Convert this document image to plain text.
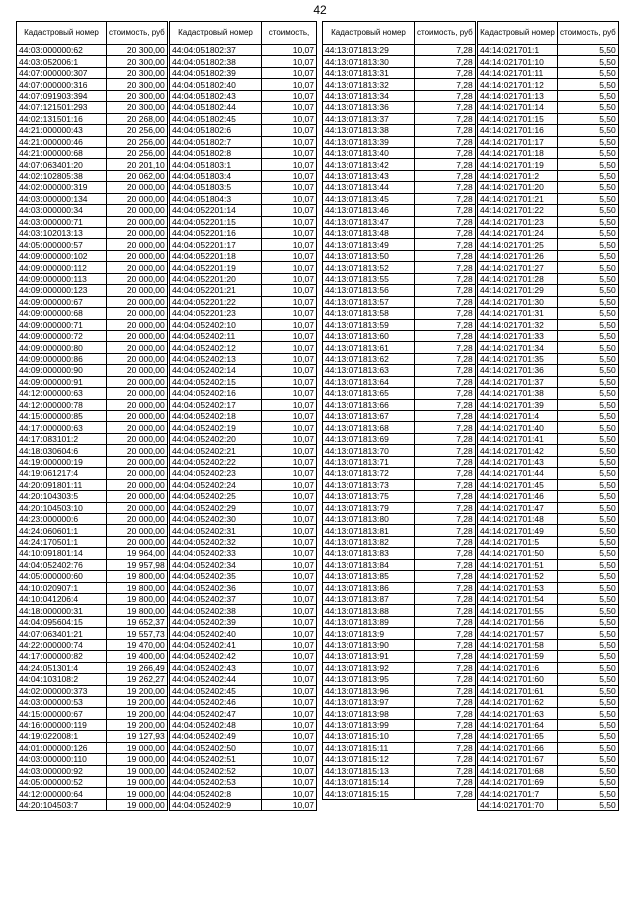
42
Кадастровый номер	стоимость, руб
44:03:000000:62	20 300,00
44:03:052006:1	20 300,00
44:07:000000:307	20 300,00
44:07:000000:316	20 300,00
44:07:091903:394	20 300,00
44:07:121501:293	20 300,00
44:02:131501:16	20 268,00
44:21:000000:43	20 256,00
44:21:000000:46	20 256,00
44:21:000000:68	20 256,00
44:07:063401:20	20 201,10
44:02:102805:38	20 062,00
44:02:000000:319	20 000,00
44:03:000000:134	20 000,00
44:03:000000:34	20 000,00
44:03:000000:71	20 000,00
44:03:102013:13	20 000,00
44:05:000000:57	20 000,00
44:09:000000:102	20 000,00
44:09:000000:112	20 000,00
44:09:000000:113	20 000,00
44:09:000000:123	20 000,00
44:09:000000:67	20 000,00
44:09:000000:68	20 000,00
44:09:000000:71	20 000,00
44:09:000000:72	20 000,00
44:09:000000:80	20 000,00
44:09:000000:86	20 000,00
44:09:000000:90	20 000,00
44:09:000000:91	20 000,00
44:12:000000:63	20 000,00
44:12:000000:78	20 000,00
44:15:000000:85	20 000,00
44:17:000000:63	20 000,00
44:17:083101:2	20 000,00
44:18:030604:6	20 000,00
44:19:000000:19	20 000,00
44:19:061217:4	20 000,00
44:20:091801:11	20 000,00
44:20:104303:5	20 000,00
44:20:104503:10	20 000,00
44:23:000000:6	20 000,00
44:24:060601:1	20 000,00
44:24:170501:1	20 000,00
44:10:091801:14	19 964,00
44:04:052402:76	19 957,98
44:05:000000:60	19 800,00
44:10:020907:1	19 800,00
44:10:041206:4	19 800,00
44:18:000000:31	19 800,00
44:04:095604:15	19 652,37
44:07:063401:21	19 557,73
44:22:000000:74	19 470,00
44:17:000000:82	19 400,00
44:24:051301:4	19 266,49
44:04:103108:2	19 262,27
44:02:000000:373	19 200,00
44:03:000000:53	19 200,00
44:15:000000:67	19 200,00
44:16:000000:119	19 200,00
44:19:022008:1	19 127,93
44:01:000000:126	19 000,00
44:03:000000:110	19 000,00
44:03:000000:92	19 000,00
44:05:000000:52	19 000,00
44:12:000000:64	19 000,00
44:20:104503:7	19 000,00
Кадастровый номер	стоимость,
44:04:051802:37	10,07
44:04:051802:38	10,07
44:04:051802:39	10,07
44:04:051802:40	10,07
44:04:051802:43	10,07
44:04:051802:44	10,07
44:04:051802:45	10,07
44:04:051802:6	10,07
44:04:051802:7	10,07
44:04:051802:8	10,07
44:04:051803:1	10,07
44:04:051803:4	10,07
44:04:051803:5	10,07
44:04:051804:3	10,07
44:04:052201:14	10,07
44:04:052201:15	10,07
44:04:052201:16	10,07
44:04:052201:17	10,07
44:04:052201:18	10,07
44:04:052201:19	10,07
44:04:052201:20	10,07
44:04:052201:21	10,07
44:04:052201:22	10,07
44:04:052201:23	10,07
44:04:052402:10	10,07
44:04:052402:11	10,07
44:04:052402:12	10,07
44:04:052402:13	10,07
44:04:052402:14	10,07
44:04:052402:15	10,07
44:04:052402:16	10,07
44:04:052402:17	10,07
44:04:052402:18	10,07
44:04:052402:19	10,07
44:04:052402:20	10,07
44:04:052402:21	10,07
44:04:052402:22	10,07
44:04:052402:23	10,07
44:04:052402:24	10,07
44:04:052402:25	10,07
44:04:052402:29	10,07
44:04:052402:30	10,07
44:04:052402:31	10,07
44:04:052402:32	10,07
44:04:052402:33	10,07
44:04:052402:34	10,07
44:04:052402:35	10,07
44:04:052402:36	10,07
44:04:052402:37	10,07
44:04:052402:38	10,07
44:04:052402:39	10,07
44:04:052402:40	10,07
44:04:052402:41	10,07
44:04:052402:42	10,07
44:04:052402:43	10,07
44:04:052402:44	10,07
44:04:052402:45	10,07
44:04:052402:46	10,07
44:04:052402:47	10,07
44:04:052402:48	10,07
44:04:052402:49	10,07
44:04:052402:50	10,07
44:04:052402:51	10,07
44:04:052402:52	10,07
44:04:052402:53	10,07
44:04:052402:8	10,07
44:04:052402:9	10,07
Кадастровый номер	стоимость, руб
44:13:071813:29	7,28
44:13:071813:30	7,28
44:13:071813:31	7,28
44:13:071813:32	7,28
44:13:071813:34	7,28
44:13:071813:36	7,28
44:13:071813:37	7,28
44:13:071813:38	7,28
44:13:071813:39	7,28
44:13:071813:40	7,28
44:13:071813:42	7,28
44:13:071813:43	7,28
44:13:071813:44	7,28
44:13:071813:45	7,28
44:13:071813:46	7,28
44:13:071813:47	7,28
44:13:071813:48	7,28
44:13:071813:49	7,28
44:13:071813:50	7,28
44:13:071813:52	7,28
44:13:071813:55	7,28
44:13:071813:56	7,28
44:13:071813:57	7,28
44:13:071813:58	7,28
44:13:071813:59	7,28
44:13:071813:60	7,28
44:13:071813:61	7,28
44:13:071813:62	7,28
44:13:071813:63	7,28
44:13:071813:64	7,28
44:13:071813:65	7,28
44:13:071813:66	7,28
44:13:071813:67	7,28
44:13:071813:68	7,28
44:13:071813:69	7,28
44:13:071813:70	7,28
44:13:071813:71	7,28
44:13:071813:72	7,28
44:13:071813:73	7,28
44:13:071813:75	7,28
44:13:071813:79	7,28
44:13:071813:80	7,28
44:13:071813:81	7,28
44:13:071813:82	7,28
44:13:071813:83	7,28
44:13:071813:84	7,28
44:13:071813:85	7,28
44:13:071813:86	7,28
44:13:071813:87	7,28
44:13:071813:88	7,28
44:13:071813:89	7,28
44:13:071813:9	7,28
44:13:071813:90	7,28
44:13:071813:91	7,28
44:13:071813:92	7,28
44:13:071813:95	7,28
44:13:071813:96	7,28
44:13:071813:97	7,28
44:13:071813:98	7,28
44:13:071813:99	7,28
44:13:071815:10	7,28
44:13:071815:11	7,28
44:13:071815:12	7,28
44:13:071815:13	7,28
44:13:071815:14	7,28
44:13:071815:15	7,28
Кадастровый номер	стоимость, руб
44:14:021701:1	5,50
44:14:021701:10	5,50
44:14:021701:11	5,50
44:14:021701:12	5,50
44:14:021701:13	5,50
44:14:021701:14	5,50
44:14:021701:15	5,50
44:14:021701:16	5,50
44:14:021701:17	5,50
44:14:021701:18	5,50
44:14:021701:19	5,50
44:14:021701:2	5,50
44:14:021701:20	5,50
44:14:021701:21	5,50
44:14:021701:22	5,50
44:14:021701:23	5,50
44:14:021701:24	5,50
44:14:021701:25	5,50
44:14:021701:26	5,50
44:14:021701:27	5,50
44:14:021701:28	5,50
44:14:021701:29	5,50
44:14:021701:30	5,50
44:14:021701:31	5,50
44:14:021701:32	5,50
44:14:021701:33	5,50
44:14:021701:34	5,50
44:14:021701:35	5,50
44:14:021701:36	5,50
44:14:021701:37	5,50
44:14:021701:38	5,50
44:14:021701:39	5,50
44:14:021701:4	5,50
44:14:021701:40	5,50
44:14:021701:41	5,50
44:14:021701:42	5,50
44:14:021701:43	5,50
44:14:021701:44	5,50
44:14:021701:45	5,50
44:14:021701:46	5,50
44:14:021701:47	5,50
44:14:021701:48	5,50
44:14:021701:49	5,50
44:14:021701:5	5,50
44:14:021701:50	5,50
44:14:021701:51	5,50
44:14:021701:52	5,50
44:14:021701:53	5,50
44:14:021701:54	5,50
44:14:021701:55	5,50
44:14:021701:56	5,50
44:14:021701:57	5,50
44:14:021701:58	5,50
44:14:021701:59	5,50
44:14:021701:6	5,50
44:14:021701:60	5,50
44:14:021701:61	5,50
44:14:021701:62	5,50
44:14:021701:63	5,50
44:14:021701:64	5,50
44:14:021701:65	5,50
44:14:021701:66	5,50
44:14:021701:67	5,50
44:14:021701:68	5,50
44:14:021701:69	5,50
44:14:021701:7	5,50
44:14:021701:70	5,50
